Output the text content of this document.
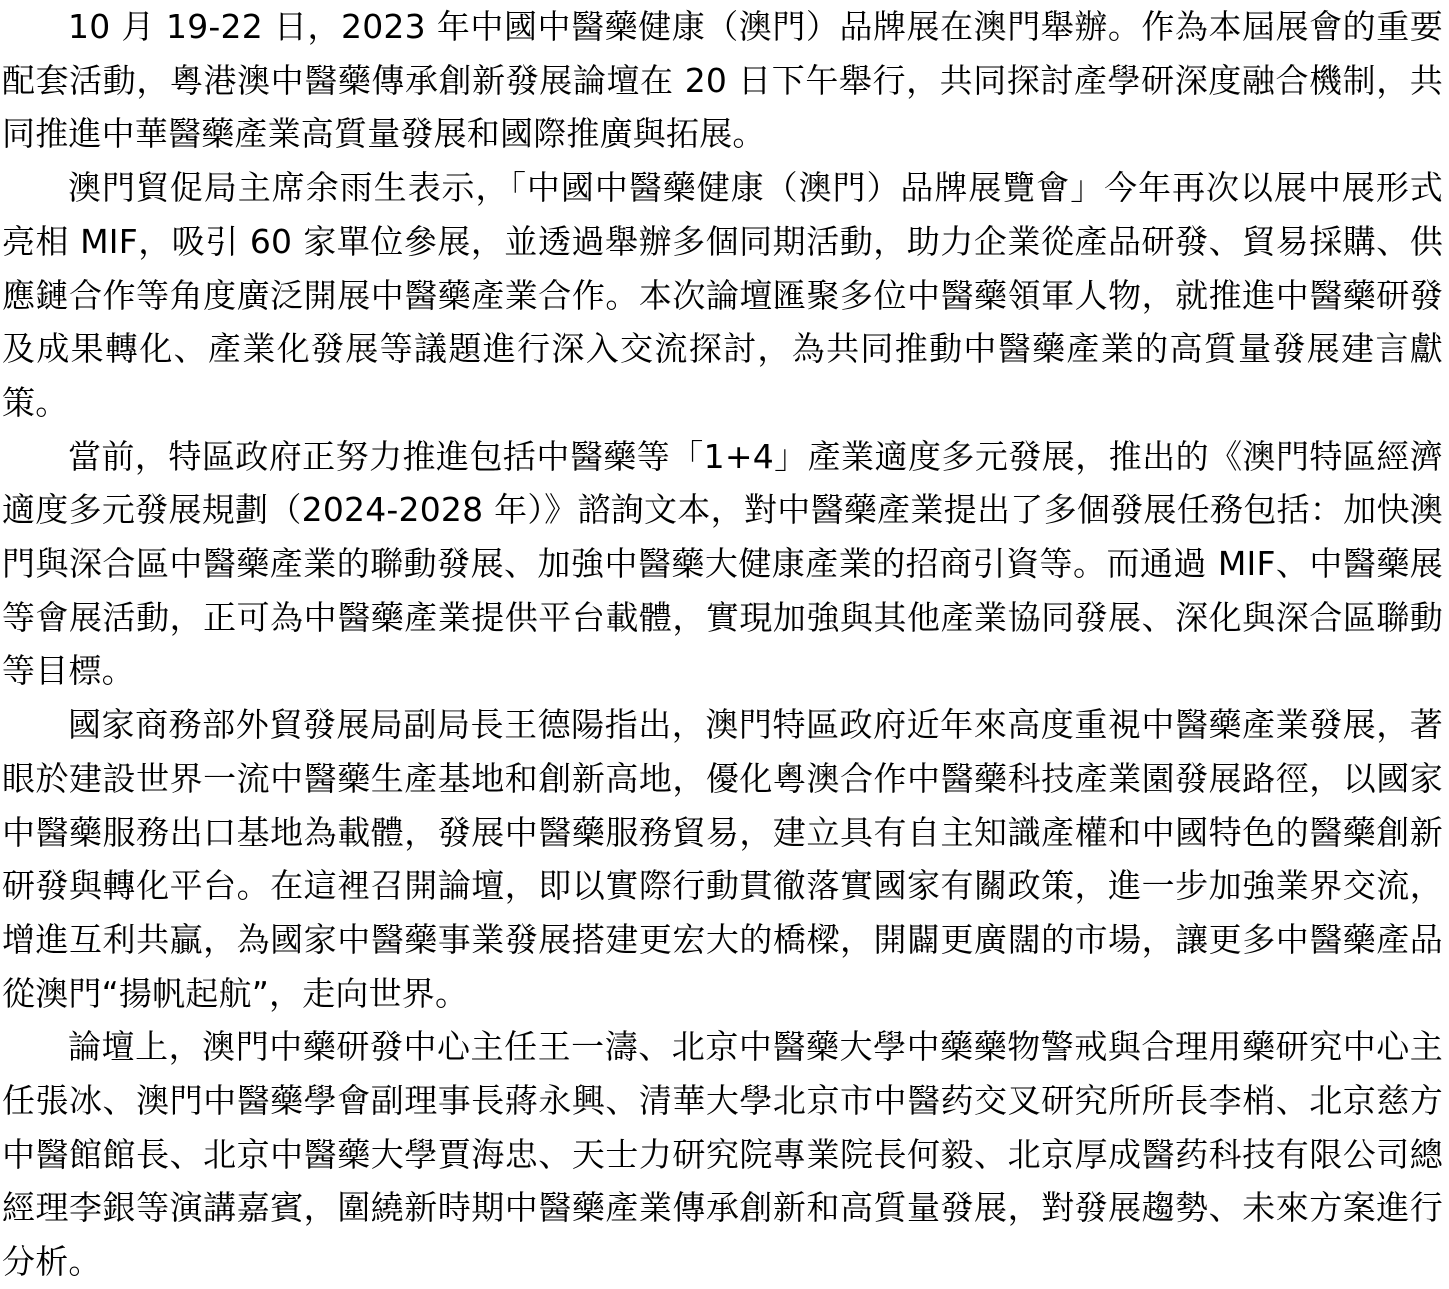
10 月 19-22 日，2023 年中國中醫藥健康（澳門）品牌展在澳門舉辦。作為本屆展會的重要配套活動，粵港澳中醫藥傳承創新發展論壇在 20 日下午舉行，共同探討產學研深度融合機制，共同推進中華醫藥產業高質量發展和國際推廣與拓展。

澳門貿促局主席余雨生表示，「中國中醫藥健康（澳門）品牌展覽會」今年再次以展中展形式亮相 MIF，吸引 60 家單位參展，並透過舉辦多個同期活動，助力企業從產品研發、貿易採購、供應鏈合作等角度廣泛開展中醫藥產業合作。本次論壇匯聚多位中醫藥領軍人物，就推進中醫藥研發及成果轉化、產業化發展等議題進行深入交流探討，為共同推動中醫藥產業的高質量發展建言獻策。

當前，特區政府正努力推進包括中醫藥等「1+4」產業適度多元發展，推出的《澳門特區經濟適度多元發展規劃（2024-2028 年）》諮詢文本，對中醫藥產業提出了多個發展任務包括：加快澳門與深合區中醫藥產業的聯動發展、加強中醫藥大健康產業的招商引資等。而通過 MIF、中醫藥展等會展活動，正可為中醫藥產業提供平台載體，實現加強與其他產業協同發展、深化與深合區聯動等目標。

國家商務部外貿發展局副局長王德陽指出，澳門特區政府近年來高度重視中醫藥產業發展，著眼於建設世界一流中醫藥生產基地和創新高地，優化粵澳合作中醫藥科技產業園發展路徑，以國家中醫藥服務出口基地為載體，發展中醫藥服務貿易，建立具有自主知識產權和中國特色的醫藥創新研發與轉化平台。在這裡召開論壇，即以實際行動貫徹落實國家有關政策，進一步加強業界交流，增進互利共贏，為國家中醫藥事業發展搭建更宏大的橋樑，開闢更廣闊的市場，讓更多中醫藥產品從澳門“揚帆起航”，走向世界。

論壇上，澳門中藥研發中心主任王一濤、北京中醫藥大學中藥藥物警戒與合理用藥研究中心主任張冰、澳門中醫藥學會副理事長蔣永興、清華大學北京市中醫药交叉研究所所長李梢、北京慈方中醫館館長、北京中醫藥大學賈海忠、天士力研究院專業院長何毅、北京厚成醫药科技有限公司總經理李銀等演講嘉賓，圍繞新時期中醫藥產業傳承創新和高質量發展，對發展趨勢、未來方案進行分析。
